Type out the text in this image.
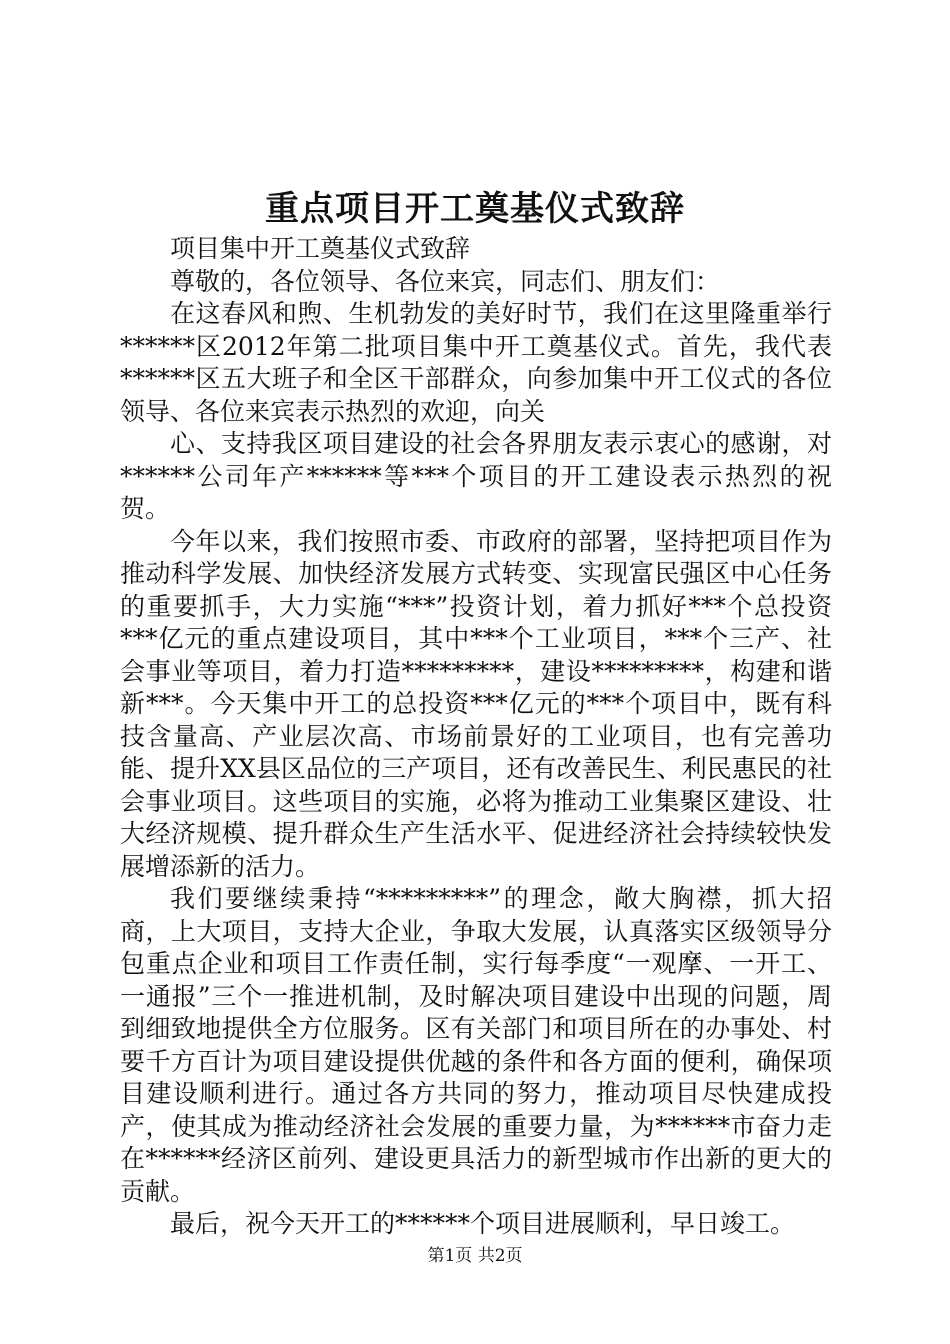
重点项目开工奠基仪式致辞

项目集中开工奠基仪式致辞

尊敬的，各位领导、各位来宾，同志们、朋友们：

在这春风和煦、生机勃发的美好时节，我们在这里隆重举行******区2012年第二批项目集中开工奠基仪式。首先，我代表******区五大班子和全区干部群众，向参加集中开工仪式的各位领导、各位来宾表示热烈的欢迎，向关

心、支持我区项目建设的社会各界朋友表示衷心的感谢，对******公司年产******等***个项目的开工建设表示热烈的祝贺。

今年以来，我们按照市委、市政府的部署，坚持把项目作为推动科学发展、加快经济发展方式转变、实现富民强区中心任务的重要抓手，大力实施“***”投资计划，着力抓好***个总投资***亿元的重点建设项目，其中***个工业项目，***个三产、社会事业等项目，着力打造*********，建设*********，构建和谐新***。今天集中开工的总投资***亿元的***个项目中，既有科技含量高、产业层次高、市场前景好的工业项目，也有完善功能、提升XX县区品位的三产项目，还有改善民生、利民惠民的社会事业项目。这些项目的实施，必将为推动工业集聚区建设、壮大经济规模、提升群众生产生活水平、促进经济社会持续较快发展增添新的活力。

我们要继续秉持“*********”的理念，敞大胸襟，抓大招商，上大项目，支持大企业，争取大发展，认真落实区级领导分包重点企业和项目工作责任制，实行每季度“一观摩、一开工、一通报”三个一推进机制，及时解决项目建设中出现的问题，周到细致地提供全方位服务。区有关部门和项目所在的办事处、村要千方百计为项目建设提供优越的条件和各方面的便利，确保项目建设顺利进行。通过各方共同的努力，推动项目尽快建成投产，使其成为推动经济社会发展的重要力量，为******市奋力走在******经济区前列、建设更具活力的新型城市作出新的更大的贡献。

最后，祝今天开工的******个项目进展顺利，早日竣工。

第1页 共2页
